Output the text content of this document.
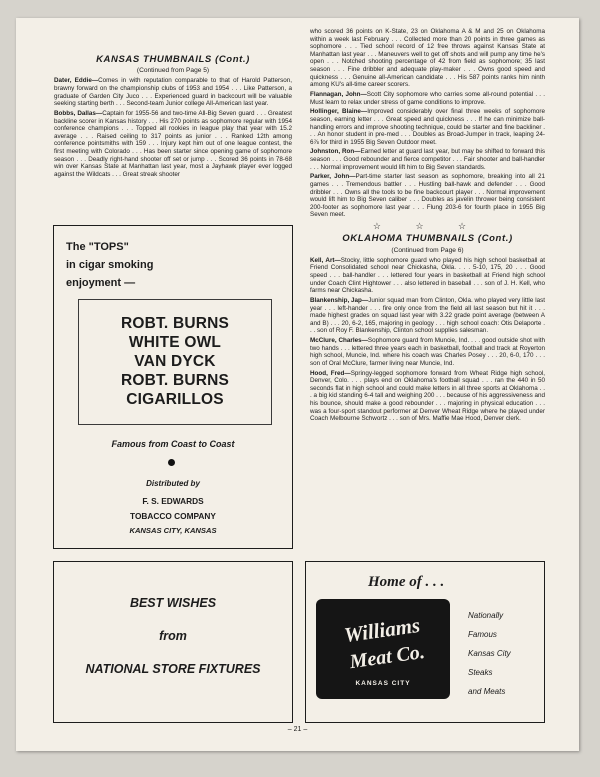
KANSAS THUMBNAILS (Cont.)

(Continued from Page 5)

Dater, Eddie—Comes in with reputation comparable to that of Harold Patterson, brawny forward on the championship clubs of 1953 and 1954 . . . Like Patterson, a graduate of Garden City Juco . . . Experienced guard in backcourt will be valuable seeking starting berth . . . Second-team Junior college All-American last year.

Bobbs, Dallas—Captain for 1955-56 and two-time All-Big Seven guard . . . Greatest backline scorer in Kansas history . . . His 270 points as sophomore regular with 1954 conference champions . . . Topped all rookies in league play that year with 15.2 average . . . Raised ceiling to 317 points as junior . . . Ranked 12th among conference pointsmiths with 159 . . . Injury kept him out of one league contest, the first meeting with Colorado . . . Has been starter since opening game of sophomore season . . . Deadly right-hand shooter off set or jump . . . Scored 36 points in 78-68 win over Kansas State at Manhattan last year, most a Jayhawk player ever logged against the Wildcats . . . Great streak shooter

who scored 36 points on K-State, 23 on Oklahoma A & M and 25 on Oklahoma within a week last February . . . Collected more than 20 points in three games as sophomore . . . Tied school record of 12 free throws against Kansas State at Manhattan last year . . . Maneuvers well to get off shots and will pump any time he's open . . . Notched shooting percentage of 42 from field as sophomore; 35 last season . . . Fine dribbler and adequate play-maker . . . Owns good speed and quickness . . . Genuine all-American candidate . . . His 587 points ranks him ninth among KU's all-time career scorers.

Flannagan, John—Scott City sophomore who carries some all-round potential . . . Must learn to relax under stress of game conditions to improve.

Hollinger, Blaine—Improved considerably over final three weeks of sophomore season, earning letter . . . Great speed and quickness . . . If he can minimize ball-handling errors and improve shooting technique, could be starter and fine backliner . . . An honor student in pre-med . . . Doubles as Broad-Jumper in track, leaping 24-6⅞ for third in 1955 Big Seven Outdoor meet.

Johnston, Ron—Earned letter at guard last year, but may be shifted to forward this season . . . Good rebounder and fierce competitor . . . Fair shooter and ball-handler . . . Normal improvement would lift him to Big Seven standards.

Parker, John—Part-time starter last season as sophomore, breaking into all 21 games . . . Tremendous battler . . . Hustling ball-hawk and defender . . . Good dribbler . . . Owns all the tools to be fine backcourt player . . . Normal improvement would lift him to Big Seven caliber . . . Doubles as javelin thrower being consistent 200-footer as sophomore last year . . . Flung 203-6 for fourth place in 1955 Big Seven meet.

☆ ☆ ☆

OKLAHOMA THUMBNAILS (Cont.)

(Continued from Page 6)

Kell, Art—Stocky, little sophomore guard who played his high school basketball at Friend Consolidated school near Chickasha, Okla. . . . 5-10, 175, 20 . . . Good speed . . . ball-handler . . . lettered four years in basketball at Friend high school under Coach Clint Hightower . . . also lettered in baseball . . . son of J. H. Kell, who farms near Chickasha.

Blankenship, Jap—Junior squad man from Clinton, Okla. who played very little last year . . . left-hander . . . fire only once from the field all last season but hit it . . . made highest grades on squad last year with 3.22 grade point average (between A and B) . . . 20, 6-2, 165, majoring in geology . . . high school coach: Otis Delaporte . . . son of Roy F. Blankenship, Clinton school supplies salesman.

McClure, Charles—Sophomore guard from Muncie, Ind. . . . good outside shot with two hands . . . lettered three years each in basketball, football and track at Royerton high school, Muncie, Ind. where his coach was Charles Posey . . . 20, 6-0, 170 . . . son of Oral McClure, farmer living near Muncie, Ind.

Hood, Fred—Springy-legged sophomore forward from Wheat Ridge high school, Denver, Colo. . . . plays end on Oklahoma's football squad . . . ran the 440 in 50 seconds flat in high school and could make letters in all three sports at Oklahoma . . . a big kid standing 6-4 tall and weighing 200 . . . because of his aggressiveness and his bounce, should make a good rebounder . . . majoring in physical education . . . was a four-sport standout performer at Denver Wheat Ridge where he played under Coach Melbourne Schwortz . . . son of Mrs. Maffie Mae Hood, Denver clerk.

The "TOPS"
in cigar smoking
enjoyment —

ROBT. BURNS

WHITE OWL

VAN DYCK

ROBT. BURNS

CIGARILLOS

Famous from Coast to Coast

Distributed by

F. S. EDWARDS

TOBACCO COMPANY

KANSAS CITY, KANSAS

BEST WISHES

from

NATIONAL STORE FIXTURES

Home of . . .

Williams
Meat Co.
KANSAS CITY
Nationally
Famous
Kansas City
Steaks
and Meats
– 21 –
